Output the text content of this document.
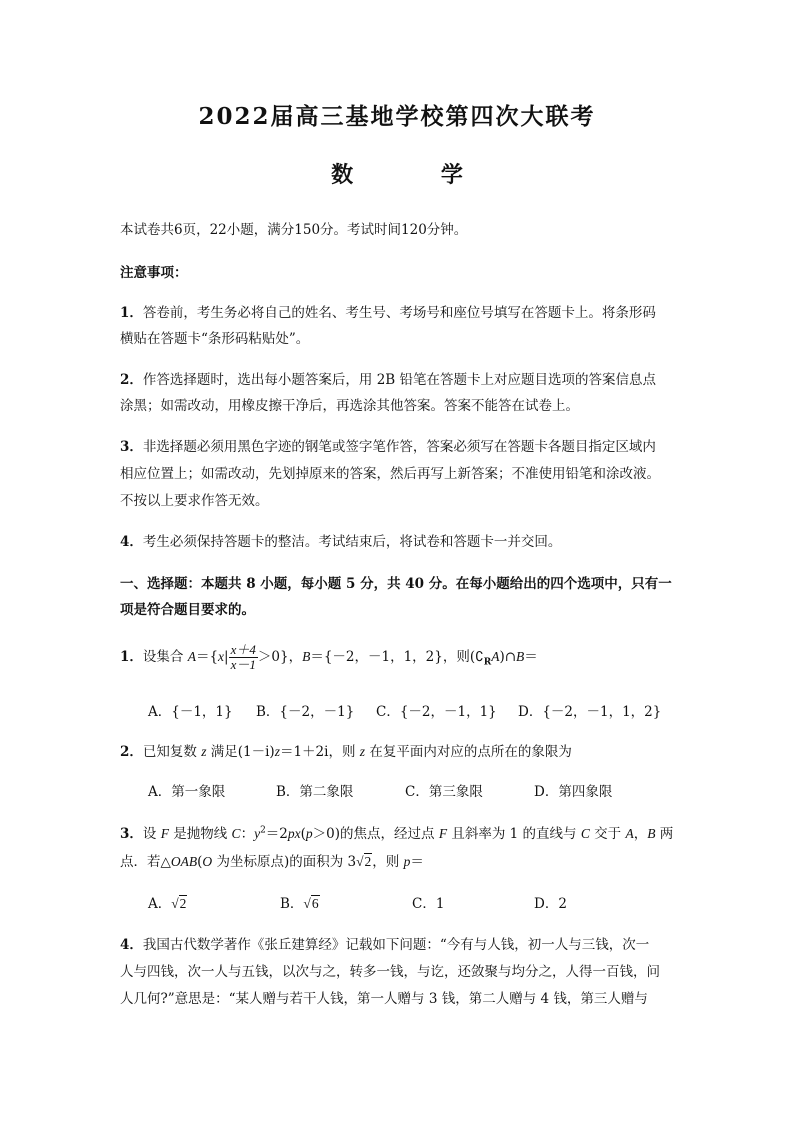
2022届高三基地学校第四次大联考
数 学
本试卷共6页，22小题，满分150分。考试时间120分钟。
注意事项：
1．答卷前，考生务必将自己的姓名、考生号、考场号和座位号填写在答题卡上。将条形码
横贴在答题卡“条形码粘贴处”。
2．作答选择题时，选出每小题答案后，用 2B 铅笔在答题卡上对应题目选项的答案信息点
涂黑；如需改动，用橡皮擦干净后，再选涂其他答案。答案不能答在试卷上。
3．非选择题必须用黑色字迹的钢笔或签字笔作答，答案必须写在答题卡各题目指定区域内
相应位置上；如需改动，先划掉原来的答案，然后再写上新答案；不准使用铅笔和涂改液。
不按以上要求作答无效。
4．考生必须保持答题卡的整洁。考试结束后，将试卷和答题卡一并交回。
一、选择题：本题共 8 小题，每小题 5 分，共 40 分。在每小题给出的四个选项中，只有一
项是符合题目要求的。
1．设集合 $A=\{x| \frac{x+4}{x-1} >0\}$，B＝{－2，－1，1，2}，则$(∁_RA)\cap B=$
A．{－1，1} B．{－2，－1} C．{－2，－1，1} D．{－2，－1，1，2}
2．已知复数 z 满足(1－i)z＝1＋2i，则 z 在复平面内对应的点所在的象限为
A．第一象限	B．第二象限	C．第三象限	D．第四象限
3．设 F 是抛物线 C：$y^2=2px(p>0)$的焦点，经过点 F 且斜率为 1 的直线与 C 交于 A，B 两
点．若△OAB(O 为坐标原点)的面积为 3√2，则 p＝
A．√2	B．√6	C．1	D．2
4．我国古代数学著作《张丘建算经》记载如下问题：“今有与人钱，初一人与三钱，次一
人与四钱，次一人与五钱，以次与之，转多一钱，与讫，还敛聚与均分之，人得一百钱，问
人几何?”意思是：“某人赠与若干人钱，第一人赠与 3 钱，第二人赠与 4 钱，第三人赠与
